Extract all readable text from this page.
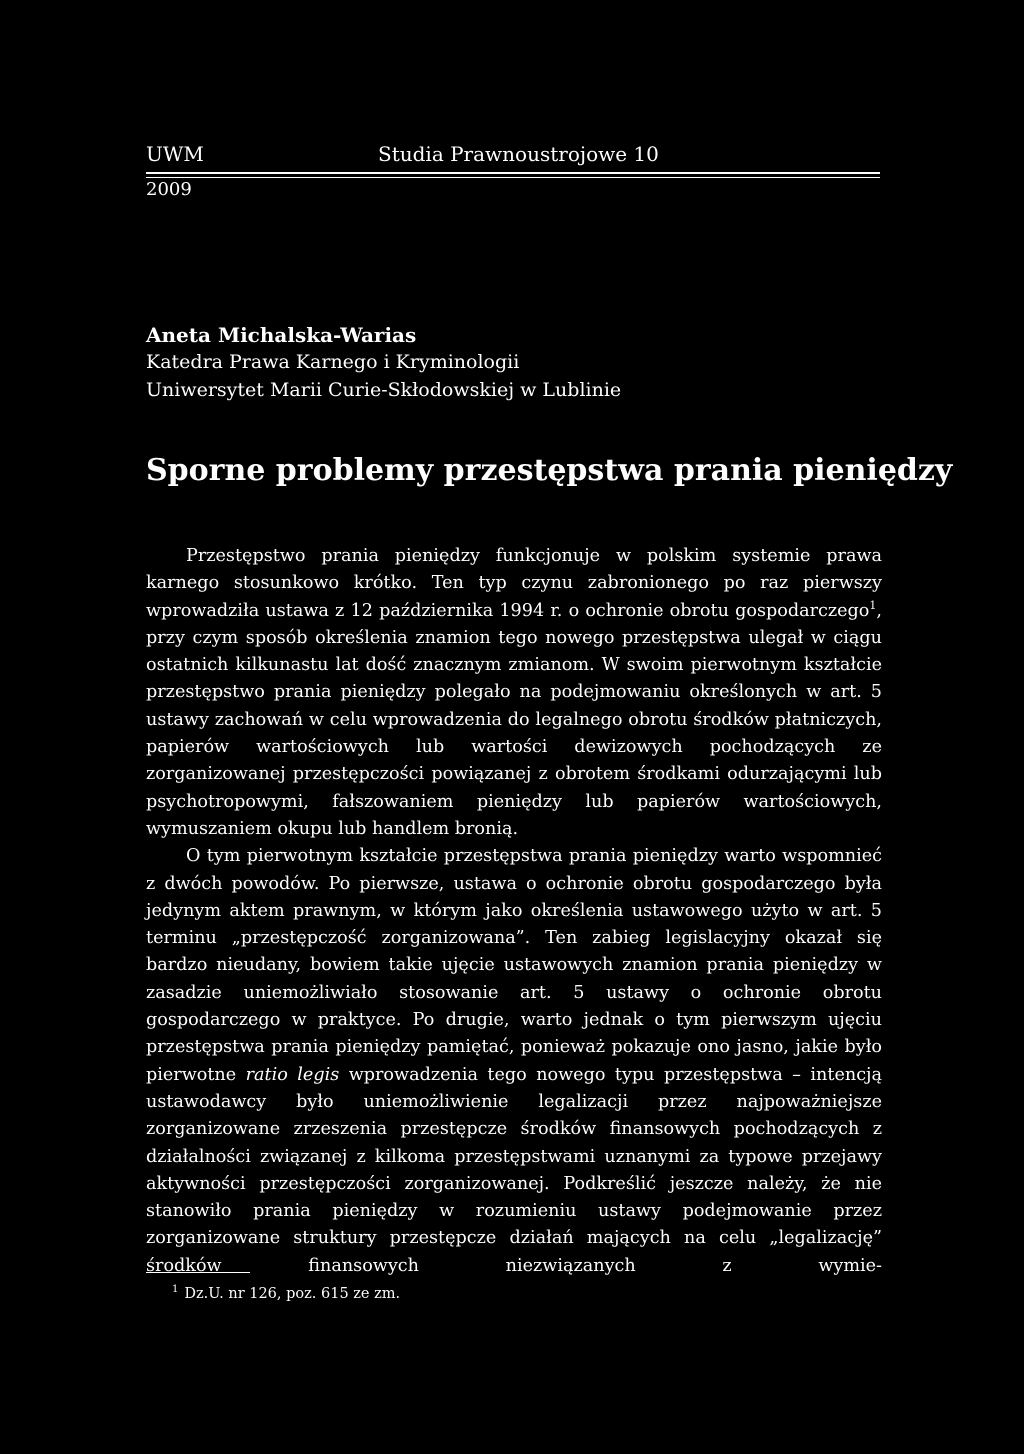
UWM	Studia Prawnoustrojowe 10
2009
Aneta Michalska-Warias
Katedra Prawa Karnego i Kryminologii
Uniwersytet Marii Curie-Skłodowskiej w Lublinie
Sporne problemy przestępstwa prania pieniędzy

Przestępstwo prania pieniędzy funkcjonuje w polskim systemie prawa karnego stosunkowo krótko. Ten typ czynu zabronionego po raz pierwszy wprowadziła ustawa z 12 października 1994 r. o ochronie obrotu gospodarczego$^1$, przy czym sposób określenia znamion tego nowego przestępstwa ulegał w ciągu ostatnich kilkunastu lat dość znacznym zmianom. W swoim pierwotnym kształcie przestępstwo prania pieniędzy polegało na podejmowaniu określonych w art. 5 ustawy zachowań w celu wprowadzenia do legalnego obrotu środków płatniczych, papierów wartościowych lub wartości dewizowych pochodzących ze zorganizowanej przestępczości powiązanej z obrotem środkami odurzającymi lub psychotropowymi, fałszowaniem pieniędzy lub papierów wartościowych, wymuszaniem okupu lub handlem bronią.

O tym pierwotnym kształcie przestępstwa prania pieniędzy warto wspomnieć z dwóch powodów. Po pierwsze, ustawa o ochronie obrotu gospodarczego była jedynym aktem prawnym, w którym jako określenia ustawowego użyto w art. 5 terminu „przestępczość zorganizowana”. Ten zabieg legislacyjny okazał się bardzo nieudany, bowiem takie ujęcie ustawowych znamion prania pieniędzy w zasadzie uniemożliwiało stosowanie art. 5 ustawy o ochronie obrotu gospodarczego w praktyce. Po drugie, warto jednak o tym pierwszym ujęciu przestępstwa prania pieniędzy pamiętać, ponieważ pokazuje ono jasno, jakie było pierwotne ratio legis wprowadzenia tego nowego typu przestępstwa – intencją ustawodawcy było uniemożliwienie legalizacji przez najpoważniejsze zorganizowane zrzeszenia przestępcze środków finansowych pochodzących z działalności związanej z kilkoma przestępstwami uznanymi za typowe przejawy aktywności przestępczości zorganizowanej. Podkreślić jeszcze należy, że nie stanowiło prania pieniędzy w rozumieniu ustawy podejmowanie przez zorganizowane struktury przestępcze działań mających na celu „legalizację” środków finansowych niezwiązanych z wymie-

$^1$ Dz.U. nr 126, poz. 615 ze zm.
